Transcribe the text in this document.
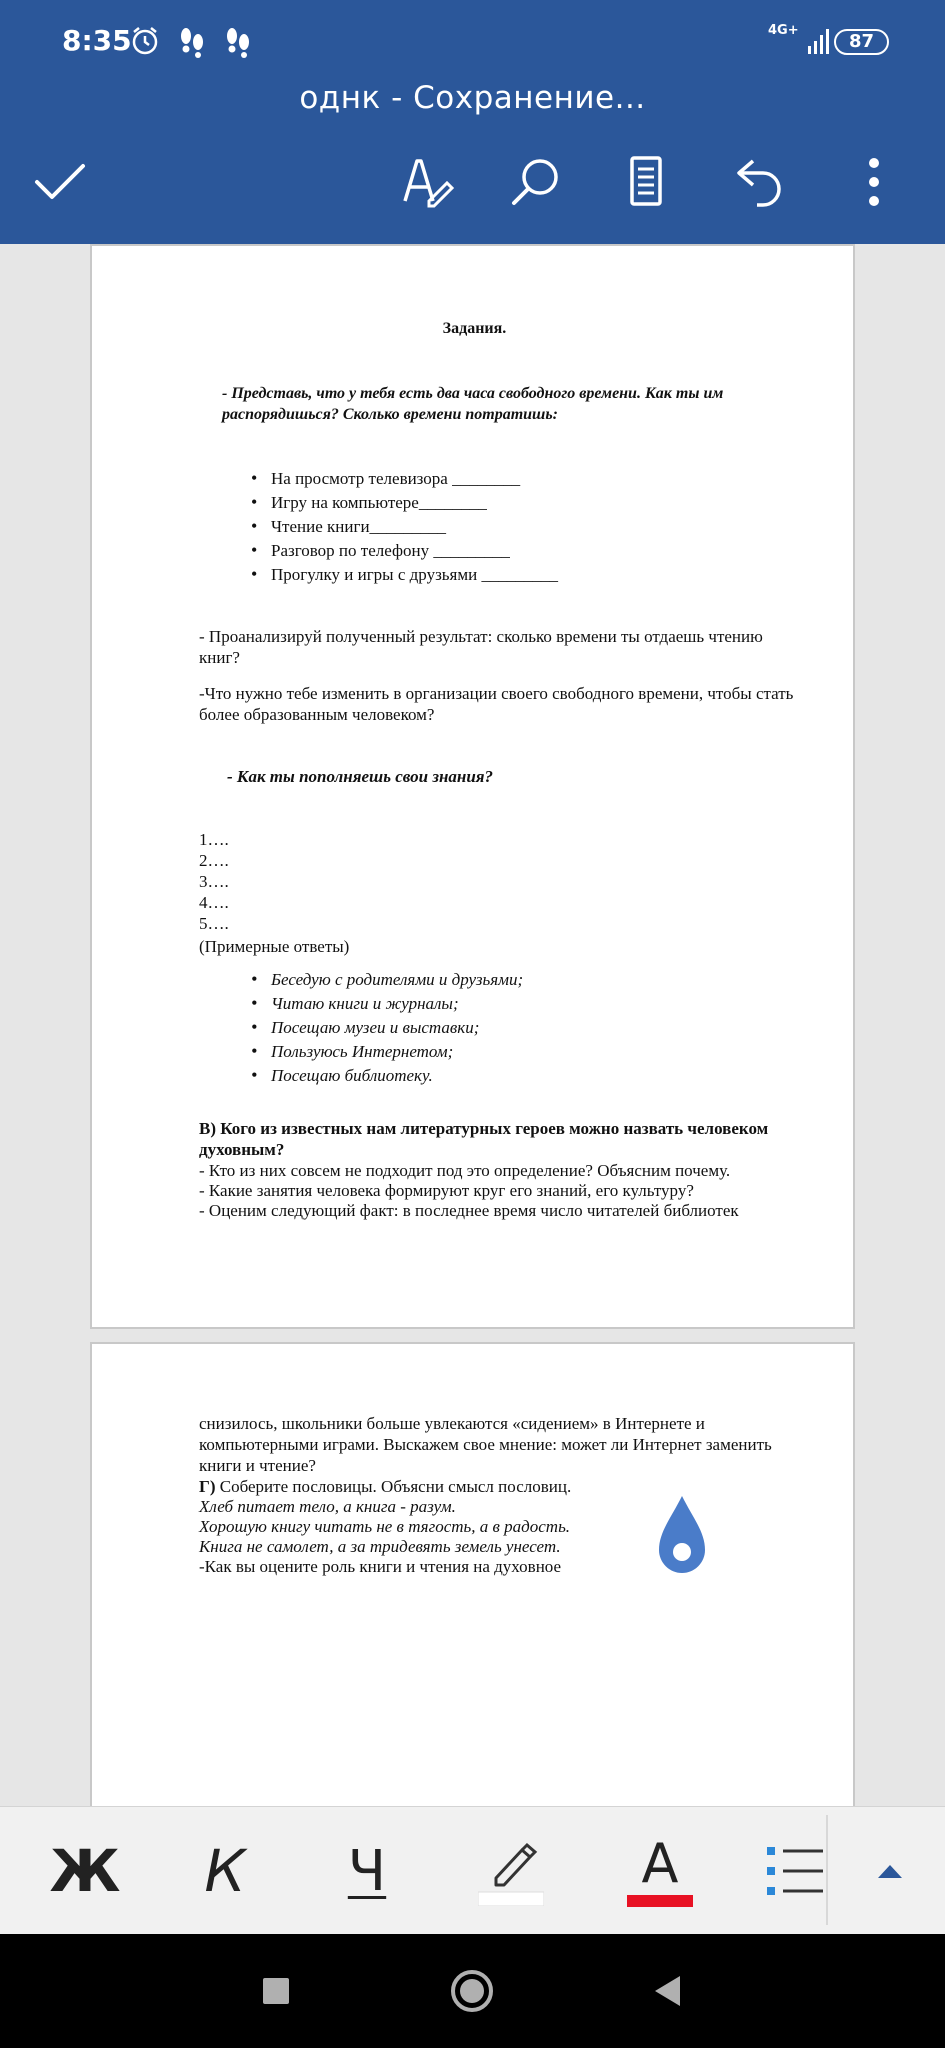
8:35	4G+
87
однк - Сохранение...
Задания.
- Представь, что у тебя есть два часа свободного времени. Как ты им распорядишься? Сколько времени потратишь:
• На просмотр телевизора ________
• Игру на компьютере________
• Чтение книги_________
• Разговор по телефону _________
• Прогулку и игры с друзьями _________
- Проанализируй полученный результат: сколько времени ты отдаешь чтению книг?
-Что нужно тебе изменить в организации своего свободного времени, чтобы стать более образованным человеком?
- Как ты пополняешь свои знания?
1….
2….
3….
4….
5….
(Примерные ответы)
• Беседую с родителями и друзьями;
• Читаю книги и журналы;
• Посещаю музеи и выставки;
• Пользуюсь Интернетом;
• Посещаю библиотеку.
В) Кого из известных нам литературных героев можно назвать человеком духовным?
- Кто из них совсем не подходит под это определение? Объясним почему.
- Какие занятия человека формируют круг его знаний, его культуру?
- Оценим следующий факт: в последнее время число читателей библиотек
снизилось, школьники больше увлекаются «сидением» в Интернете и компьютерными играми. Выскажем свое мнение: может ли Интернет заменить книги и чтение?
Г) Соберите пословицы. Объясни смысл пословиц.
Хлеб питает тело, а книга - разум.
Хорошую книгу читать не в тягость, а в радость.
Книга не самолет, а за тридевять земель унесет.
-Как вы оцените роль книги и чтения на духовное
Ж	К	Ч	А
